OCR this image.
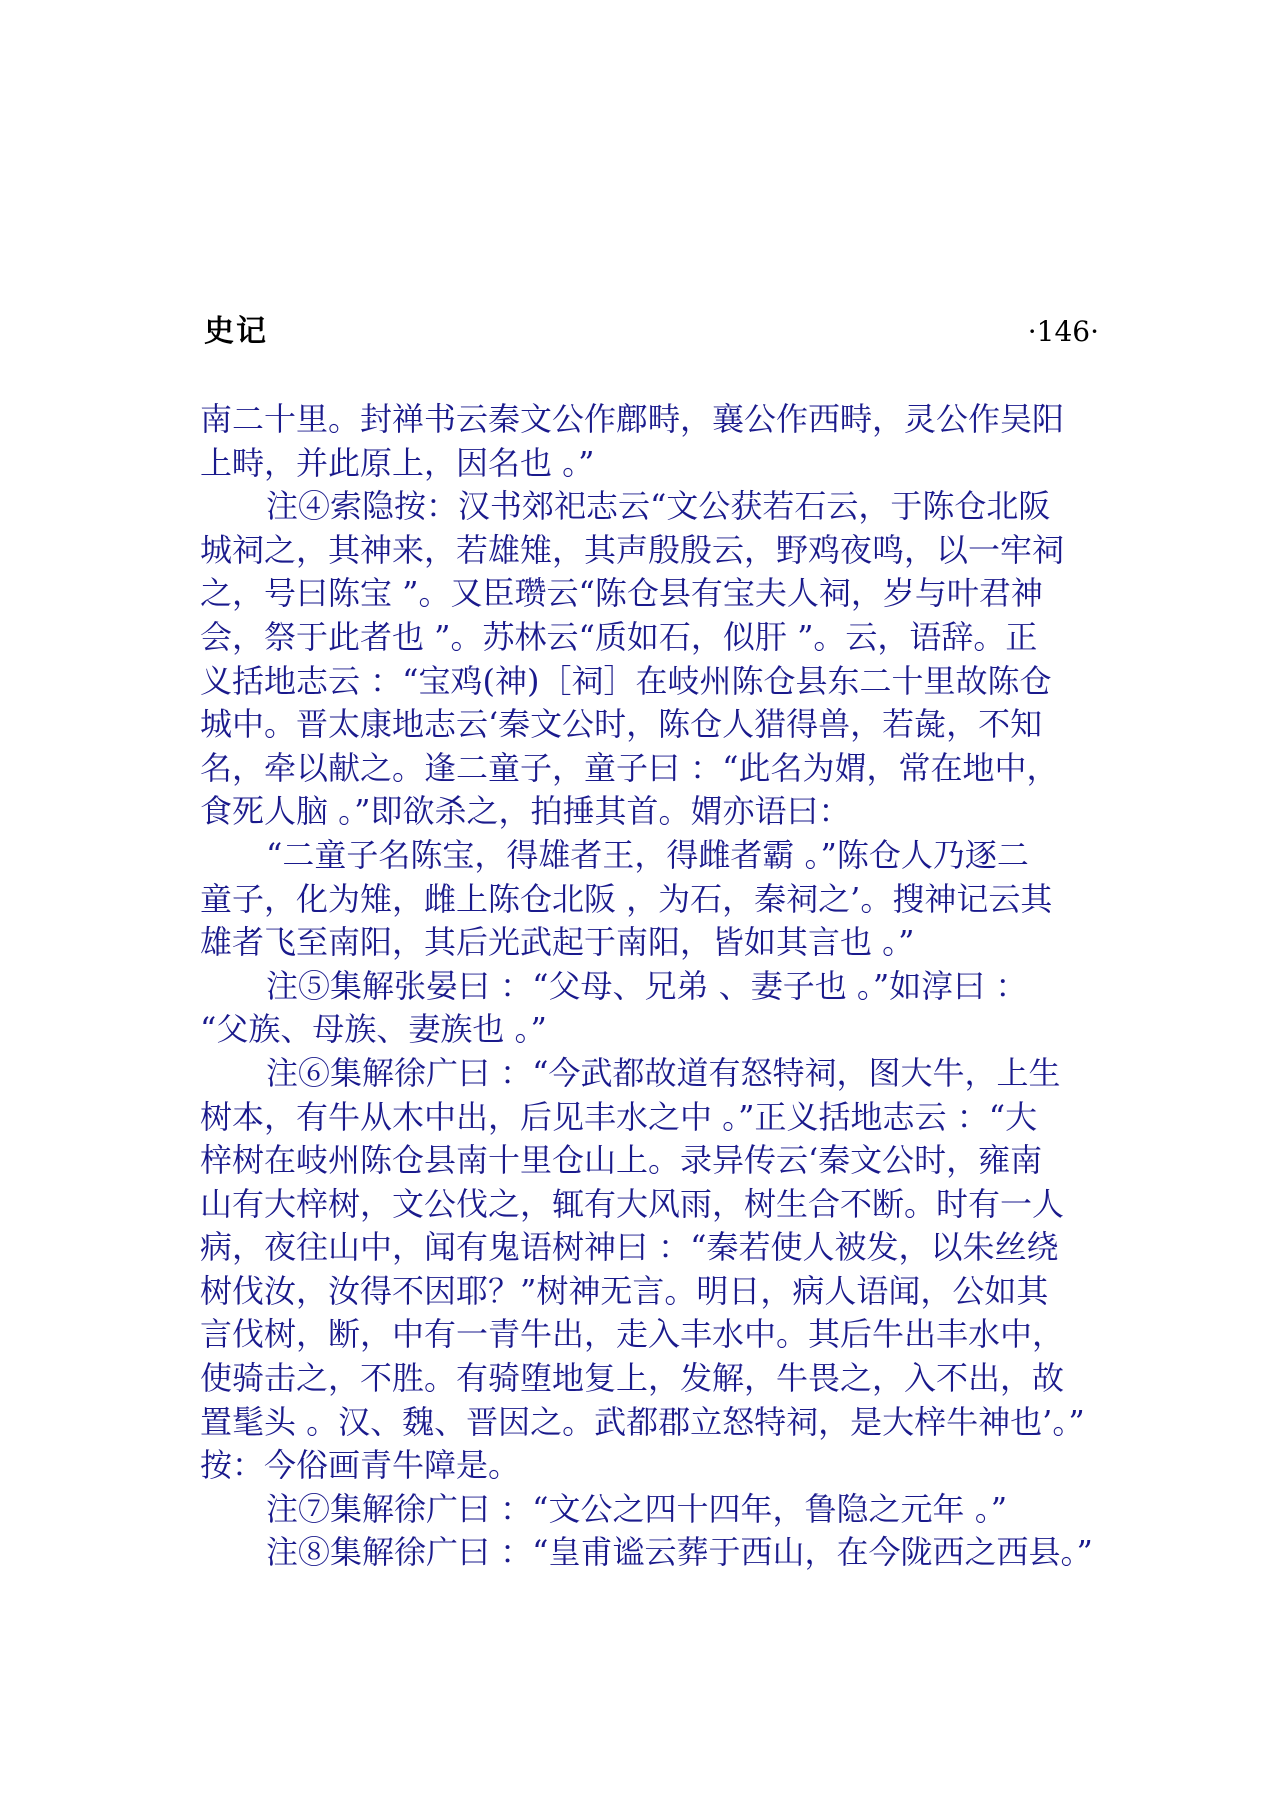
史记	·146·
南二十里。封禅书云秦文公作鄜畤，襄公作西畤，灵公作吴阳
上畤，并此原上，因名也 。”
注④索隐按：汉书郊祀志云“文公获若石云，于陈仓北阪
城祠之，其神来，若雄雉，其声殷殷云，野鸡夜鸣，以一牢祠
之，号曰陈宝 ”。又臣瓒云“陈仓县有宝夫人祠，岁与叶君神
会，祭于此者也 ”。苏林云“质如石，似肝 ”。云，语辞。正
义括地志云 ：“宝鸡(神)［祠］在岐州陈仓县东二十里故陈仓
城中。晋太康地志云‘秦文公时，陈仓人猎得兽，若彘，不知
名，牵以献之。逢二童子，童子曰 ：“此名为媦，常在地中，
食死人脑 。”即欲杀之，拍捶其首。媦亦语曰：
“二童子名陈宝，得雄者王，得雌者霸 。”陈仓人乃逐二
童子，化为雉，雌上陈仓北阪 ，为石，秦祠之’。搜神记云其
雄者飞至南阳，其后光武起于南阳，皆如其言也 。”
注⑤集解张晏曰 ：“父母、兄弟 、妻子也 。”如淳曰 ：
“父族、母族、妻族也 。”
注⑥集解徐广曰 ：“今武都故道有怒特祠，图大牛，上生
树本，有牛从木中出，后见丰水之中 。”正义括地志云 ：“大
梓树在岐州陈仓县南十里仓山上。录异传云‘秦文公时，雍南
山有大梓树，文公伐之，辄有大风雨，树生合不断。时有一人
病，夜往山中，闻有鬼语树神曰 ：“秦若使人被发，以朱丝绕
树伐汝，汝得不因耶？”树神无言。明日，病人语闻，公如其
言伐树，断，中有一青牛出，走入丰水中。其后牛出丰水中，
使骑击之，不胜。有骑堕地复上，发解，牛畏之，入不出，故
置髦头 。汉、魏、晋因之。武都郡立怒特祠，是大梓牛神也’。”
按：今俗画青牛障是。
注⑦集解徐广曰 ：“文公之四十四年，鲁隐之元年 。”
注⑧集解徐广曰 ：“皇甫谧云葬于西山，在今陇西之西县。”
